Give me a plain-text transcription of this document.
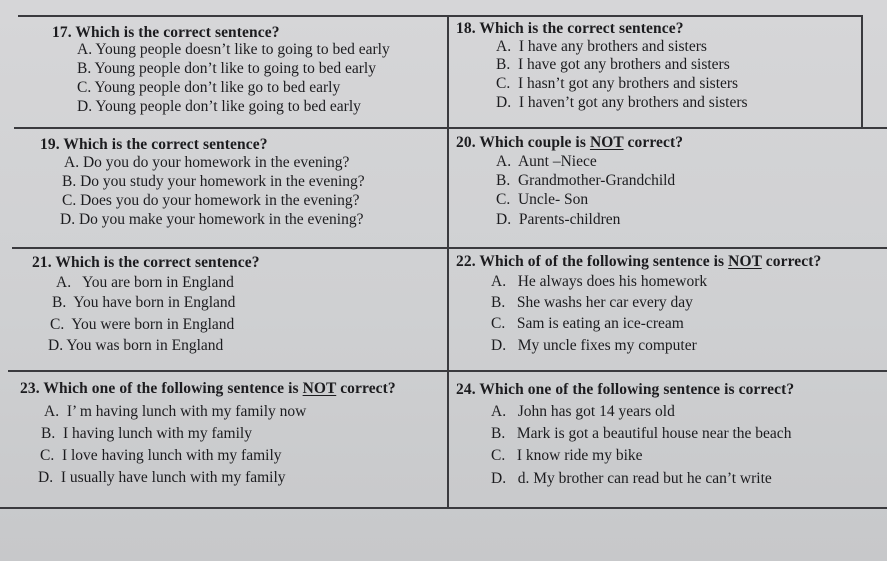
17. Which is the correct sentence?
A. Young people doesn’t like to going to bed early
B. Young people don’t like to going to bed early
C. Young people don’t like go to bed early
D. Young people don’t like going to bed early
18. Which is the correct sentence?
A. I have any brothers and sisters
B. I have got any brothers and sisters
C. I hasn’t got any brothers and sisters
D. I haven’t got any brothers and sisters
19. Which is the correct sentence?
A. Do you do your homework in the evening?
B. Do you study your homework in the evening?
C. Does you do your homework in the evening?
D. Do you make your homework in the evening?
20. Which couple is NOT correct?
A. Aunt –Niece
B. Grandmother-Grandchild
C. Uncle- Son
D. Parents-children
21. Which is the correct sentence?
A. You are born in England
B. You have born in England
C. You were born in England
D. You was born in England
22. Which of of the following sentence is NOT correct?
A. He always does his homework
B. She washs her car every day
C. Sam is eating an ice-cream
D. My uncle fixes my computer
23. Which one of the following sentence is NOT correct?
A. I’ m having lunch with my family now
B. I having lunch with my family
C. I love having lunch with my family
D. I usually have lunch with my family
24. Which one of the following sentence is correct?
A. John has got 14 years old
B. Mark is got a beautiful house near the beach
C. I know ride my bike
D. d. My brother can read but he can’t write
